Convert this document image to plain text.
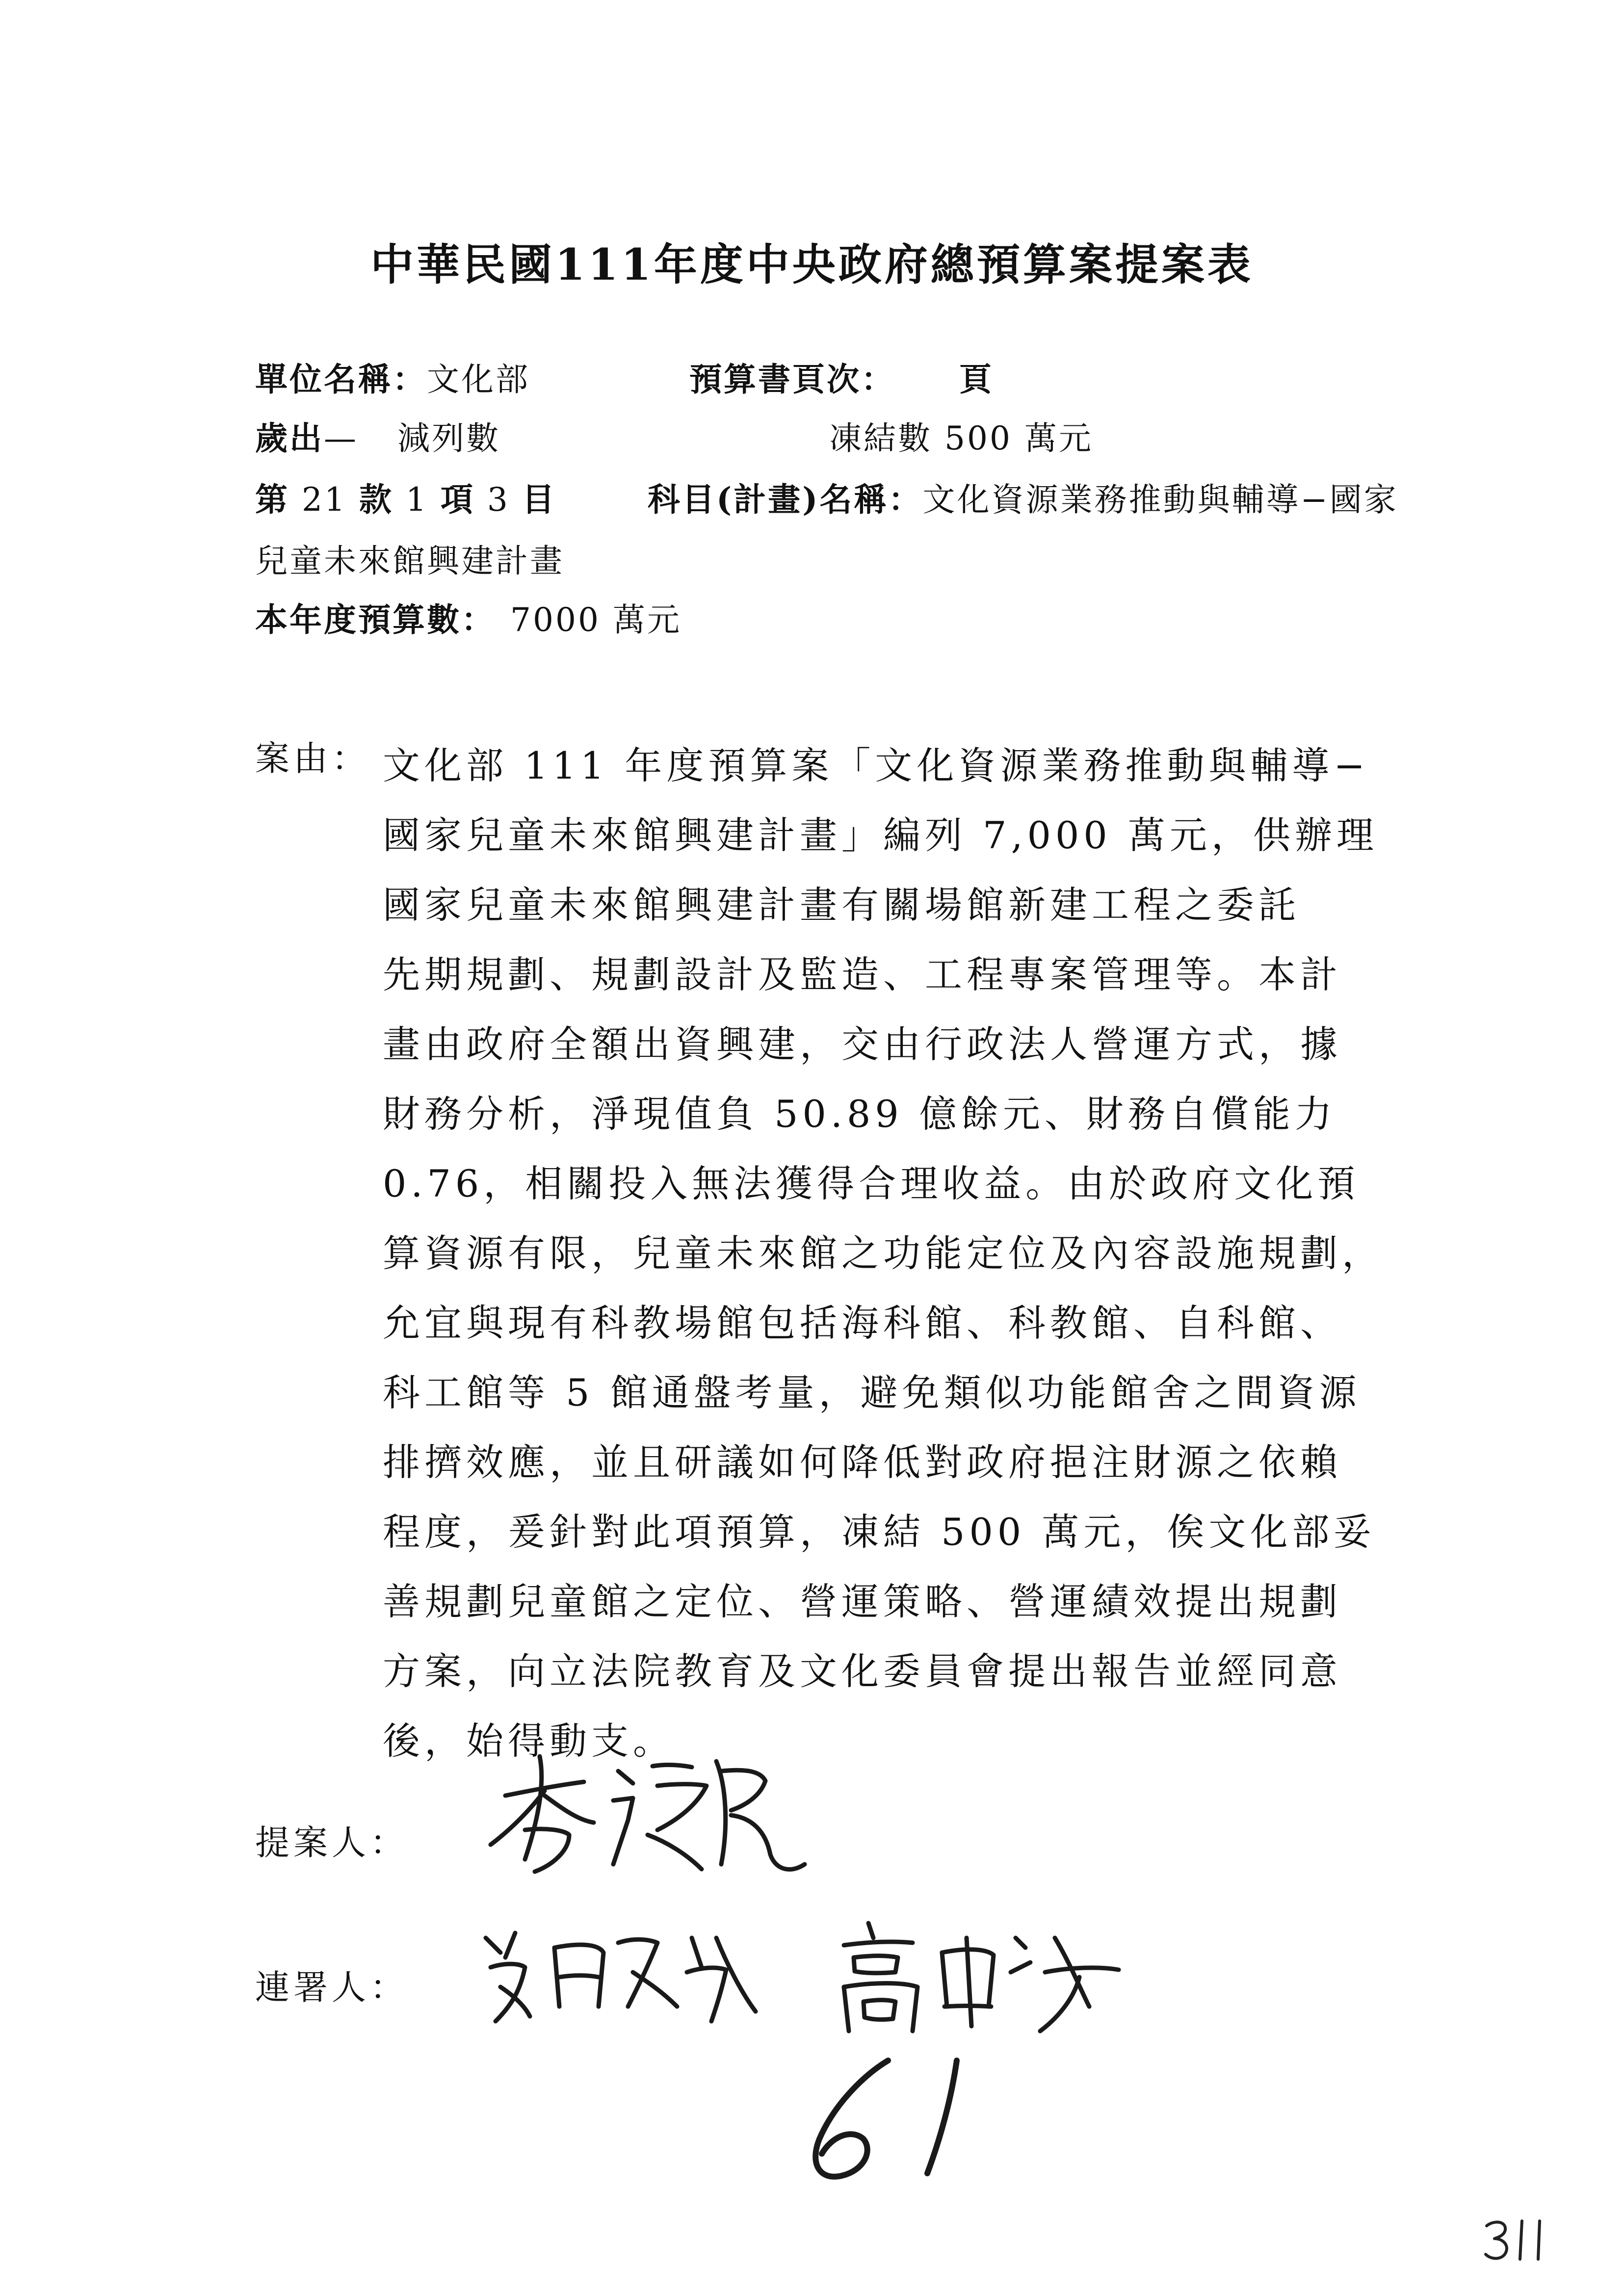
中華民國111年度中央政府總預算案提案表
單位名稱：文化部	預算書頁次： 頁
歲出— 減列數	凍結數 500 萬元
第 21 款 1 項 3 目	科目(計畫)名稱：文化資源業務推動與輔導−國家
兒童未來館興建計畫
本年度預算數： 7000 萬元
案由： 文化部 111 年度預算案「文化資源業務推動與輔導−
國家兒童未來館興建計畫」編列 7,000 萬元，供辦理
國家兒童未來館興建計畫有關場館新建工程之委託
先期規劃、規劃設計及監造、工程專案管理等。本計
畫由政府全額出資興建，交由行政法人營運方式，據
財務分析，淨現值負 50.89 億餘元、財務自償能力
0.76，相關投入無法獲得合理收益。由於政府文化預
算資源有限，兒童未來館之功能定位及內容設施規劃，
允宜與現有科教場館包括海科館、科教館、自科館、
科工館等 5 館通盤考量，避免類似功能館舍之間資源
排擠效應，並且研議如何降低對政府挹注財源之依賴
程度，爰針對此項預算，凍結 500 萬元，俟文化部妥
善規劃兒童館之定位、營運策略、營運績效提出規劃
方案，向立法院教育及文化委員會提出報告並經同意
後，始得動支。
提案人：
連署人：
